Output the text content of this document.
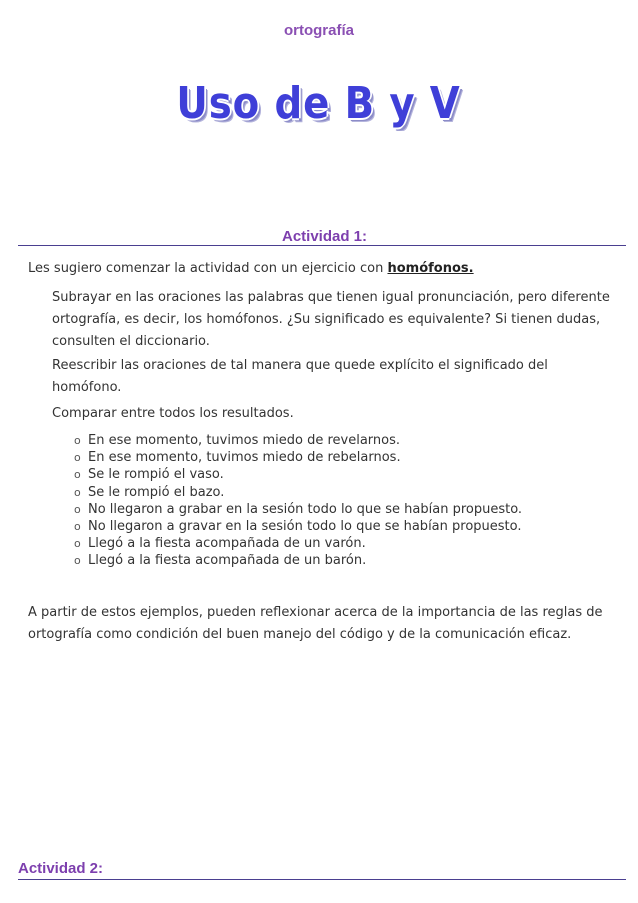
ortografía
Uso de B y V
Actividad 1:
Les sugiero comenzar la actividad con un ejercicio con homófonos.

Subrayar en las oraciones las palabras que tienen igual pronunciación, pero diferente ortografía, es decir, los homófonos. ¿Su significado es equivalente? Si tienen dudas, consulten el diccionario.

Reescribir las oraciones de tal manera que quede explícito el significado del homófono.

Comparar entre todos los resultados.

o En ese momento, tuvimos miedo de revelarnos.
o En ese momento, tuvimos miedo de rebelarnos.
o Se le rompió el vaso.
o Se le rompió el bazo.
o No llegaron a grabar en la sesión todo lo que se habían propuesto.
o No llegaron a gravar en la sesión todo lo que se habían propuesto.
o Llegó a la fiesta acompañada de un varón.
o Llegó a la fiesta acompañada de un barón.

A partir de estos ejemplos, pueden reflexionar acerca de la importancia de las reglas de ortografía como condición del buen manejo del código y de la comunicación eficaz.

Actividad 2:
